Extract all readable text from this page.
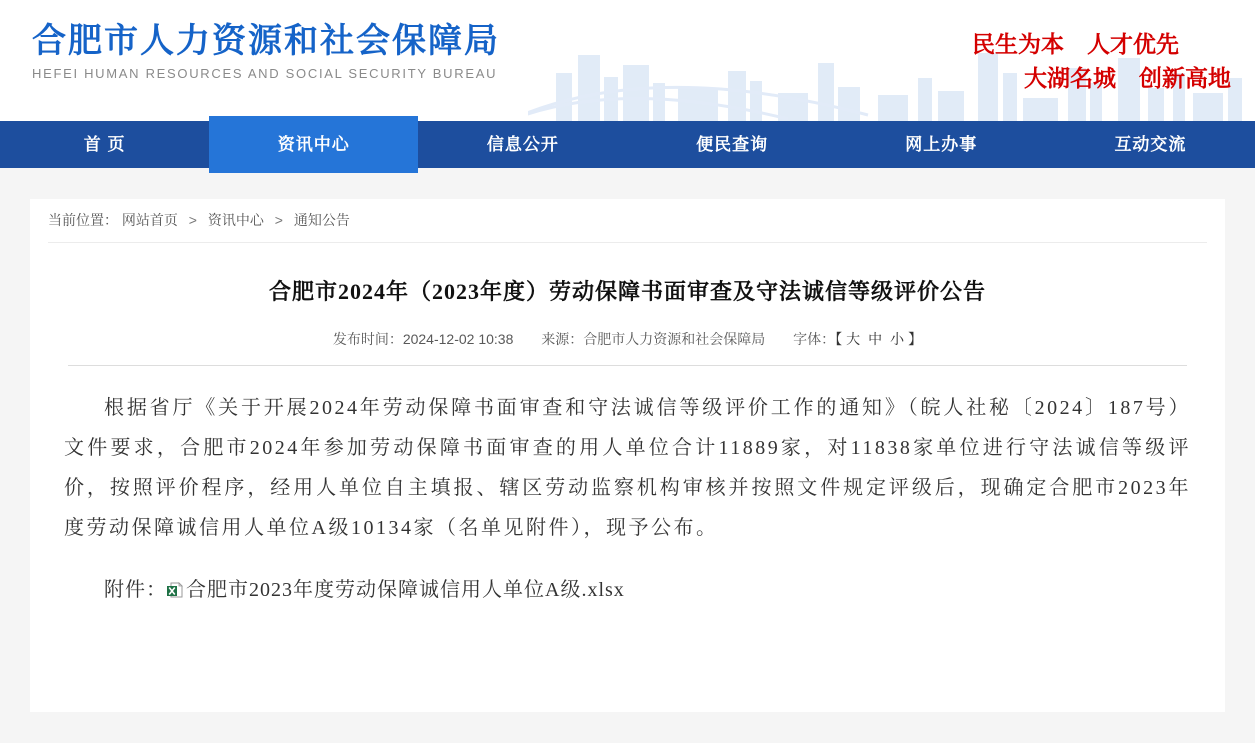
合肥市人力资源和社会保障局
HEFEI HUMAN RESOURCES AND SOCIAL SECURITY BUREAU
民生为本　人才优先
大湖名城　创新高地
首 页	资讯中心	信息公开	便民查询	网上办事	互动交流
当前位置： 网站首页 > 资讯中心 > 通知公告
合肥市2024年（2023年度）劳动保障书面审查及守法诚信等级评价公告
发布时间：2024-12-02 10:38 来源：合肥市人力资源和社会保障局 字体：【 大 中 小 】

根据省厅《关于开展2024年劳动保障书面审查和守法诚信等级评价工作的通知》（皖人社秘〔2024〕187号）文件要求，合肥市2024年参加劳动保障书面审查的用人单位合计11889家，对11838家单位进行守法诚信等级评价，按照评价程序，经用人单位自主填报、辖区劳动监察机构审核并按照文件规定评级后，现确定合肥市2023年度劳动保障诚信用人单位A级10134家（名单见附件），现予公布。

附件： 合肥市2023年度劳动保障诚信用人单位A级.xlsx
